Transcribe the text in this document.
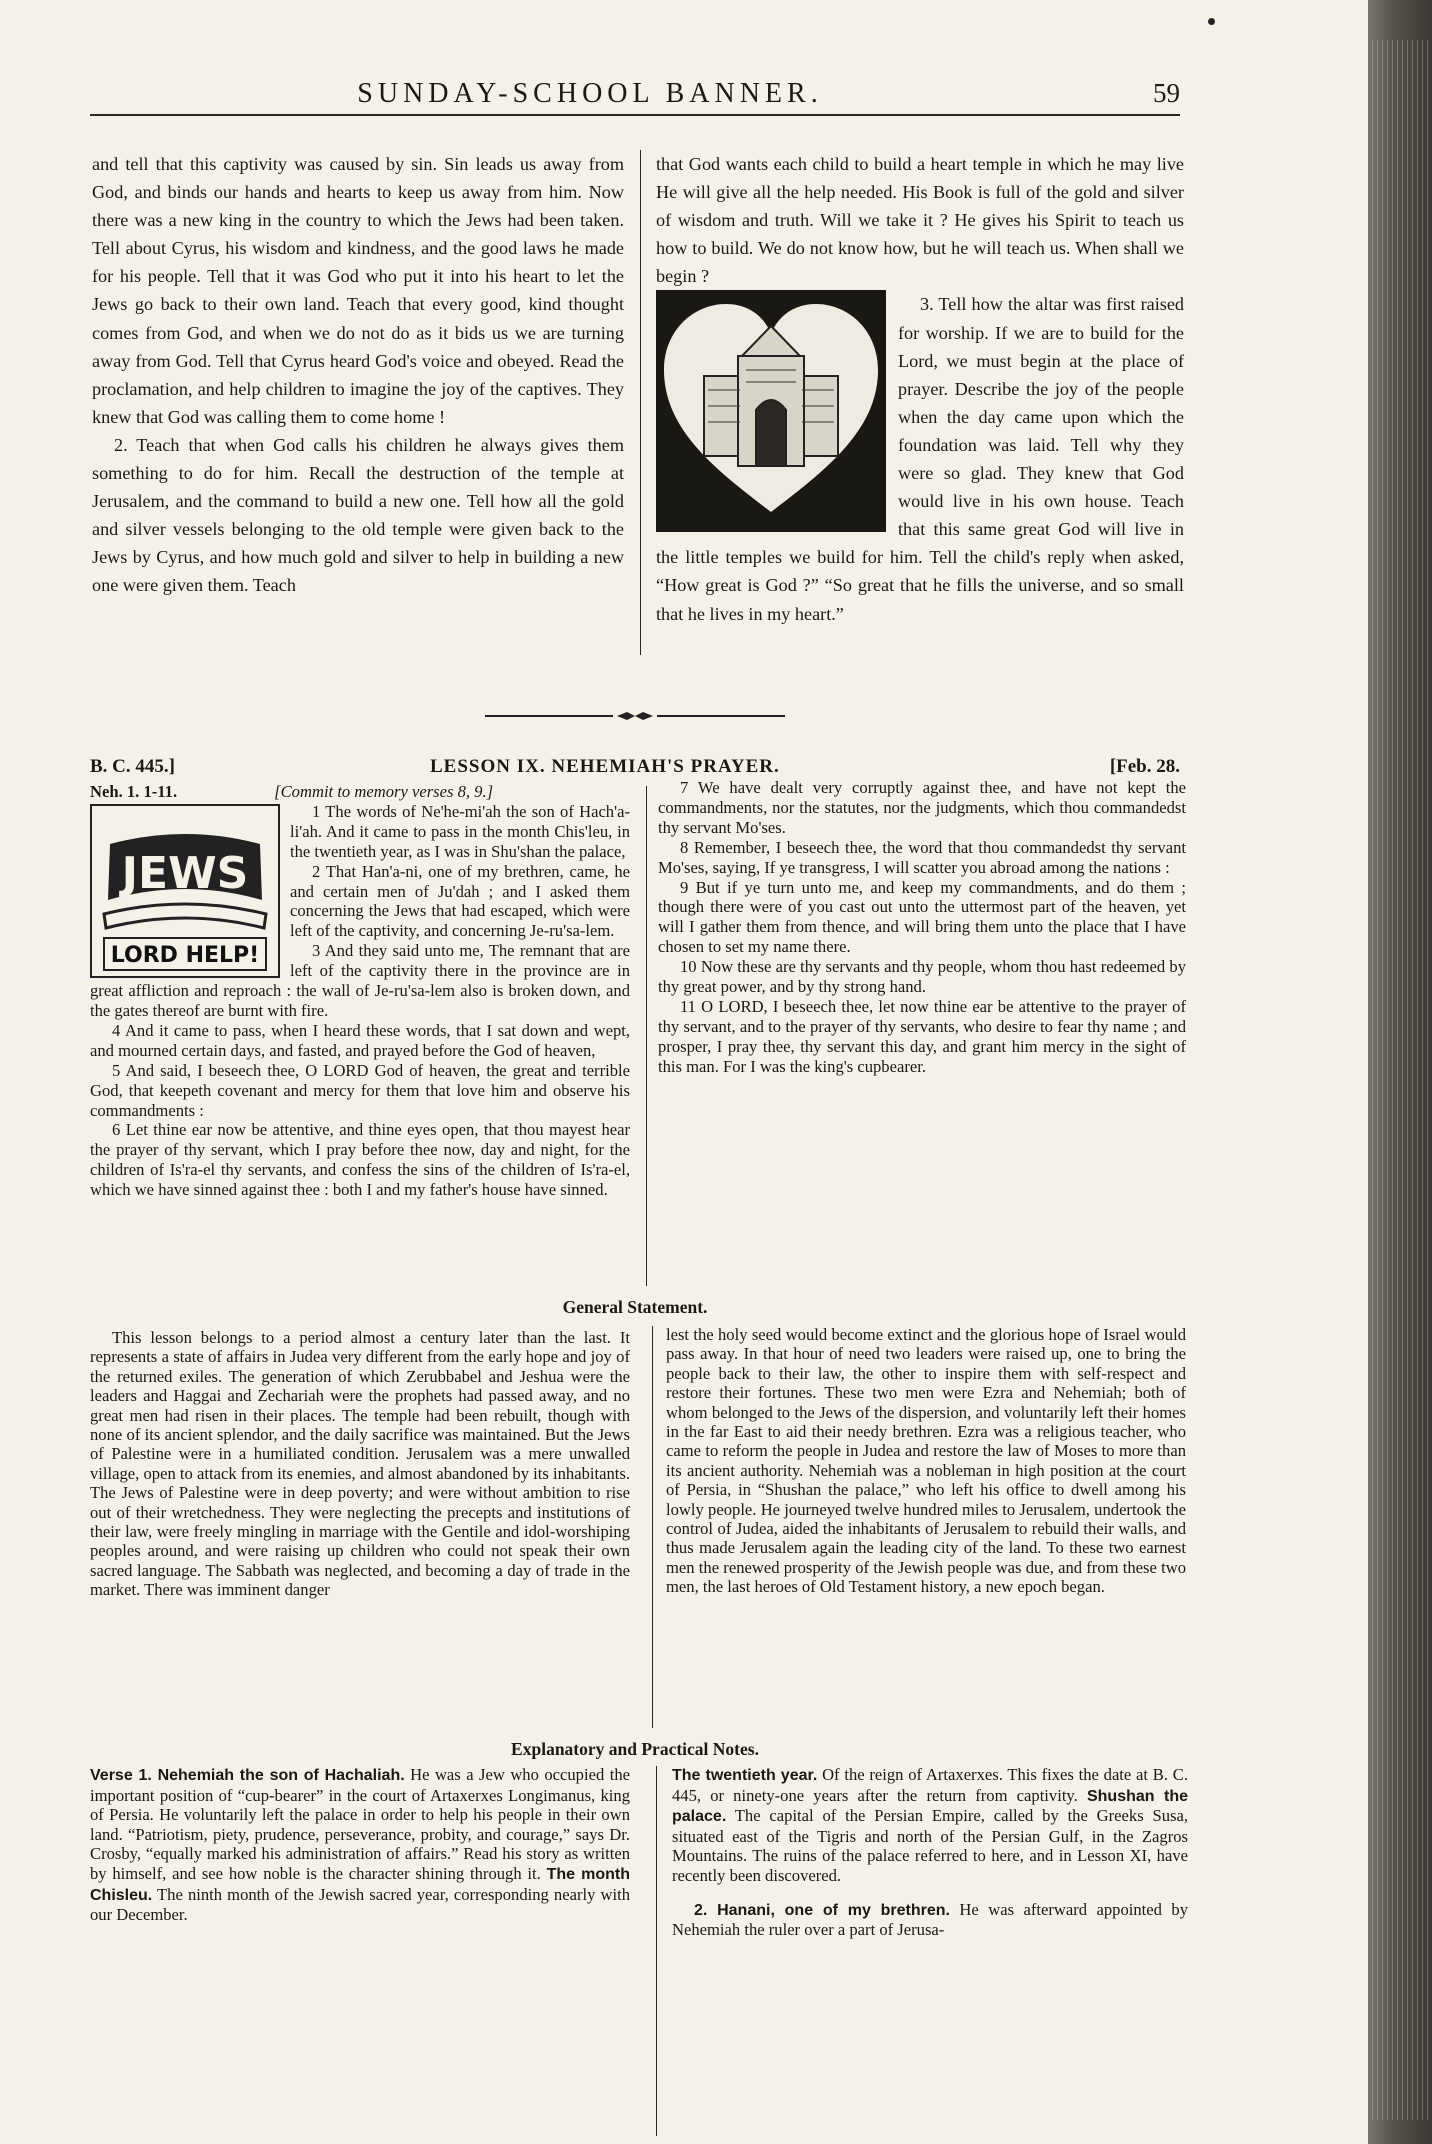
SUNDAY-SCHOOL BANNER.	59

and tell that this captivity was caused by sin. Sin leads us away from God, and binds our hands and hearts to keep us away from him. Now there was a new king in the country to which the Jews had been taken. Tell about Cyrus, his wisdom and kindness, and the good laws he made for his people. Tell that it was God who put it into his heart to let the Jews go back to their own land. Teach that every good, kind thought comes from God, and when we do not do as it bids us we are turning away from God. Tell that Cyrus heard God's voice and obeyed. Read the proclamation, and help children to imagine the joy of the captives. They knew that God was calling them to come home !

2. Teach that when God calls his children he always gives them something to do for him. Recall the destruction of the temple at Jerusalem, and the command to build a new one. Tell how all the gold and silver vessels belonging to the old temple were given back to the Jews by Cyrus, and how much gold and silver to help in building a new one were given them. Teach

that God wants each child to build a heart temple in which he may live He will give all the help needed. His Book is full of the gold and silver of wisdom and truth. Will we take it ? He gives his Spirit to teach us how to build. We do not know how, but he will teach us. When shall we begin ?

3. Tell how the altar was first raised for worship. If we are to build for the Lord, we must begin at the place of prayer. Describe the joy of the people when the day came upon which the foundation was laid. Tell why they were so glad. They knew that God would live in his own house. Teach that this same great God will live in the little temples we build for him. Tell the child's reply when asked, “How great is God ?” “So great that he fills the universe, and so small that he lives in my heart.”

B. C. 445.]	LESSON IX. NEHEMIAH'S PRAYER.	[Feb. 28.

Neh. 1. 1-11.	[Commit to memory verses 8, 9.]

JEWS
LORD HELP!

1 The words of Ne'he-mi'ah the son of Hach'a-li'ah. And it came to pass in the month Chis'leu, in the twentieth year, as I was in Shu'shan the palace,

2 That Han'a-ni, one of my brethren, came, he and certain men of Ju'dah ; and I asked them concerning the Jews that had escaped, which were left of the captivity, and concerning Je-ru'sa-lem.

3 And they said unto me, The remnant that are left of the captivity there in the province are in great affliction and reproach : the wall of Je-ru'sa-lem also is broken down, and the gates thereof are burnt with fire.

4 And it came to pass, when I heard these words, that I sat down and wept, and mourned certain days, and fasted, and prayed before the God of heaven,

5 And said, I beseech thee, O LORD God of heaven, the great and terrible God, that keepeth covenant and mercy for them that love him and observe his commandments :

6 Let thine ear now be attentive, and thine eyes open, that thou mayest hear the prayer of thy servant, which I pray before thee now, day and night, for the children of Is'ra-el thy servants, and confess the sins of the children of Is'ra-el, which we have sinned against thee : both I and my father's house have sinned.

7 We have dealt very corruptly against thee, and have not kept the commandments, nor the statutes, nor the judgments, which thou commandedst thy servant Mo'ses.

8 Remember, I beseech thee, the word that thou commandedst thy servant Mo'ses, saying, If ye transgress, I will scatter you abroad among the nations :

9 But if ye turn unto me, and keep my commandments, and do them ; though there were of you cast out unto the uttermost part of the heaven, yet will I gather them from thence, and will bring them unto the place that I have chosen to set my name there.

10 Now these are thy servants and thy people, whom thou hast redeemed by thy great power, and by thy strong hand.

11 O LORD, I beseech thee, let now thine ear be attentive to the prayer of thy servant, and to the prayer of thy servants, who desire to fear thy name ; and prosper, I pray thee, thy servant this day, and grant him mercy in the sight of this man. For I was the king's cupbearer.

General Statement.

This lesson belongs to a period almost a century later than the last. It represents a state of affairs in Judea very different from the early hope and joy of the returned exiles. The generation of which Zerubbabel and Jeshua were the leaders and Haggai and Zechariah were the prophets had passed away, and no great men had risen in their places. The temple had been rebuilt, though with none of its ancient splendor, and the daily sacrifice was maintained. But the Jews of Palestine were in a humiliated condition. Jerusalem was a mere unwalled village, open to attack from its enemies, and almost abandoned by its inhabitants. The Jews of Palestine were in deep poverty; and were without ambition to rise out of their wretchedness. They were neglecting the precepts and institutions of their law, were freely mingling in marriage with the Gentile and idol-worshiping peoples around, and were raising up children who could not speak their own sacred language. The Sabbath was neglected, and becoming a day of trade in the market. There was imminent danger

lest the holy seed would become extinct and the glorious hope of Israel would pass away. In that hour of need two leaders were raised up, one to bring the people back to their law, the other to inspire them with self-respect and restore their fortunes. These two men were Ezra and Nehemiah; both of whom belonged to the Jews of the dispersion, and voluntarily left their homes in the far East to aid their needy brethren. Ezra was a religious teacher, who came to reform the people in Judea and restore the law of Moses to more than its ancient authority. Nehemiah was a nobleman in high position at the court of Persia, in “Shushan the palace,” who left his office to dwell among his lowly people. He journeyed twelve hundred miles to Jerusalem, undertook the control of Judea, aided the inhabitants of Jerusalem to rebuild their walls, and thus made Jerusalem again the leading city of the land. To these two earnest men the renewed prosperity of the Jewish people was due, and from these two men, the last heroes of Old Testament history, a new epoch began.

Explanatory and Practical Notes.

Verse 1. Nehemiah the son of Hachaliah. He was a Jew who occupied the important position of “cup-bearer” in the court of Artaxerxes Longimanus, king of Persia. He voluntarily left the palace in order to help his people in their own land. “Patriotism, piety, prudence, perseverance, probity, and courage,” says Dr. Crosby, “equally marked his administration of affairs.” Read his story as written by himself, and see how noble is the character shining through it. The month Chisleu. The ninth month of the Jewish sacred year, corresponding nearly with our December.

The twentieth year. Of the reign of Artaxerxes. This fixes the date at B. C. 445, or ninety-one years after the return from captivity. Shushan the palace. The capital of the Persian Empire, called by the Greeks Susa, situated east of the Tigris and north of the Persian Gulf, in the Zagros Mountains. The ruins of the palace referred to here, and in Lesson XI, have recently been discovered.

2. Hanani, one of my brethren. He was afterward appointed by Nehemiah the ruler over a part of Jerusa-
